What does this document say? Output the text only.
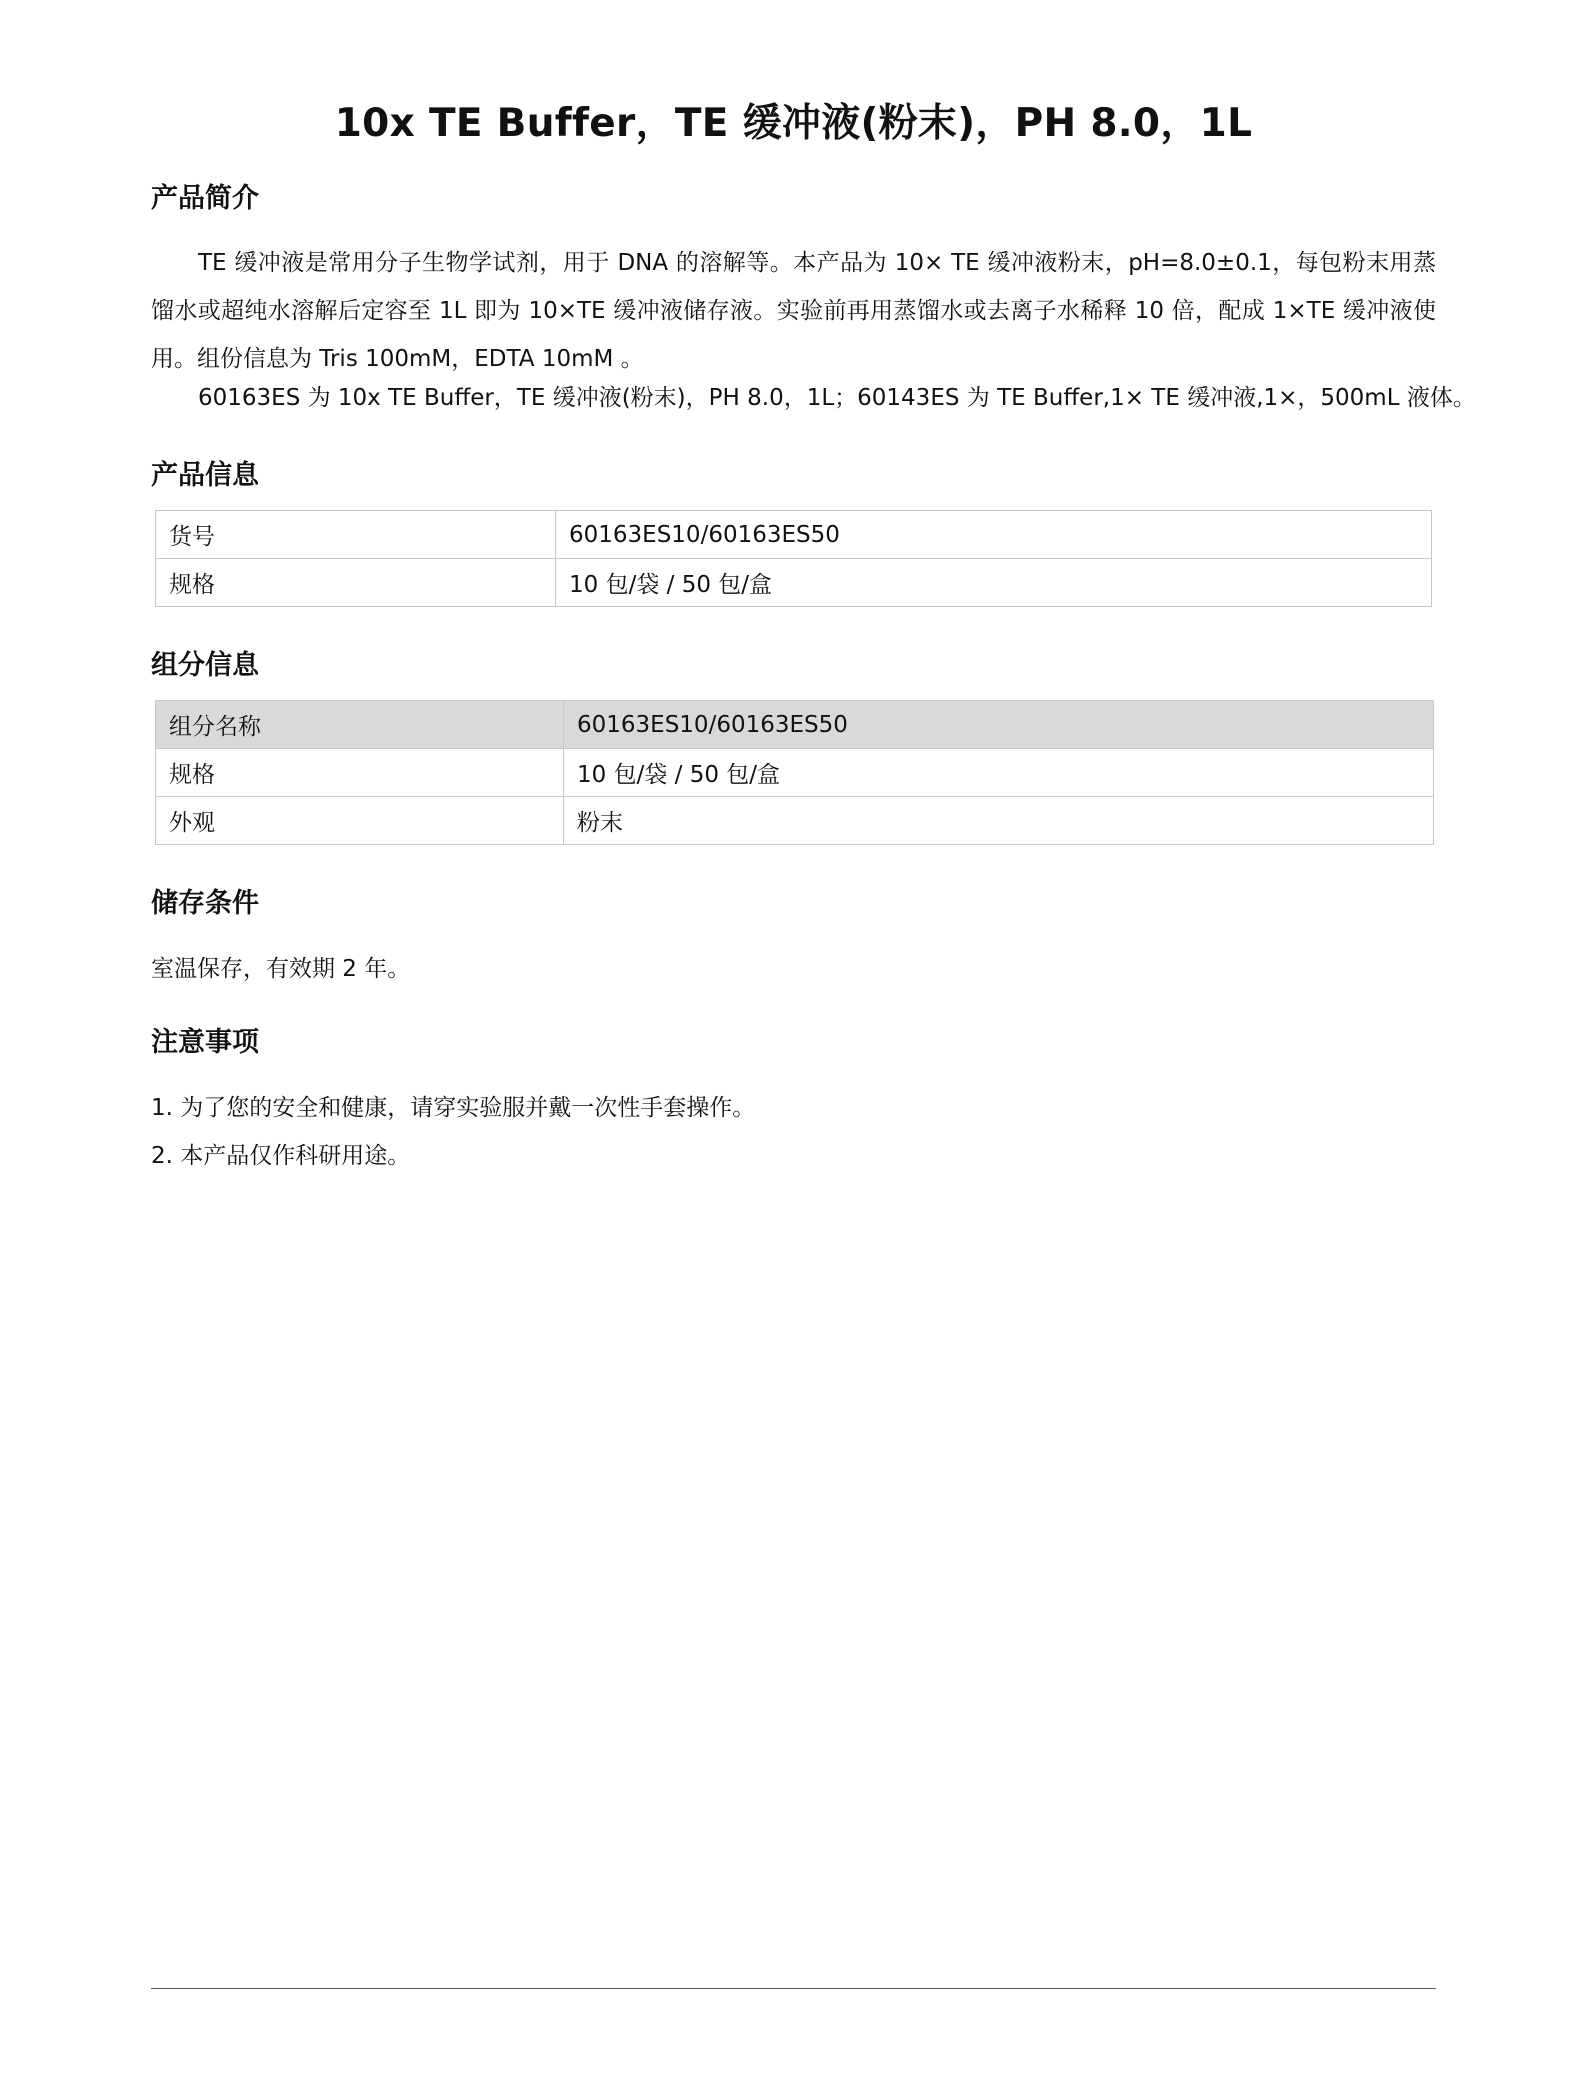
10x TE Buffer，TE 缓冲液(粉末)，PH 8.0，1L
产品简介

TE 缓冲液是常用分子生物学试剂，用于 DNA 的溶解等。本产品为 10× TE 缓冲液粉末，pH=8.0±0.1，每包粉末用蒸馏水或超纯水溶解后定容至 1L 即为 10×TE 缓冲液储存液。实验前再用蒸馏水或去离子水稀释 10 倍，配成 1×TE 缓冲液使用。组份信息为 Tris 100mM，EDTA 10mM 。

60163ES 为 10x TE Buffer，TE 缓冲液(粉末)，PH 8.0，1L；60143ES 为 TE Buffer,1× TE 缓冲液,1×，500mL 液体。

产品信息
货号	60163ES10/60163ES50
规格	10 包/袋 / 50 包/盒
组分信息
组分名称	60163ES10/60163ES50
规格	10 包/袋 / 50 包/盒
外观	粉末
储存条件

室温保存，有效期 2 年。

注意事项

1. 为了您的安全和健康，请穿实验服并戴一次性手套操作。

2. 本产品仅作科研用途。
